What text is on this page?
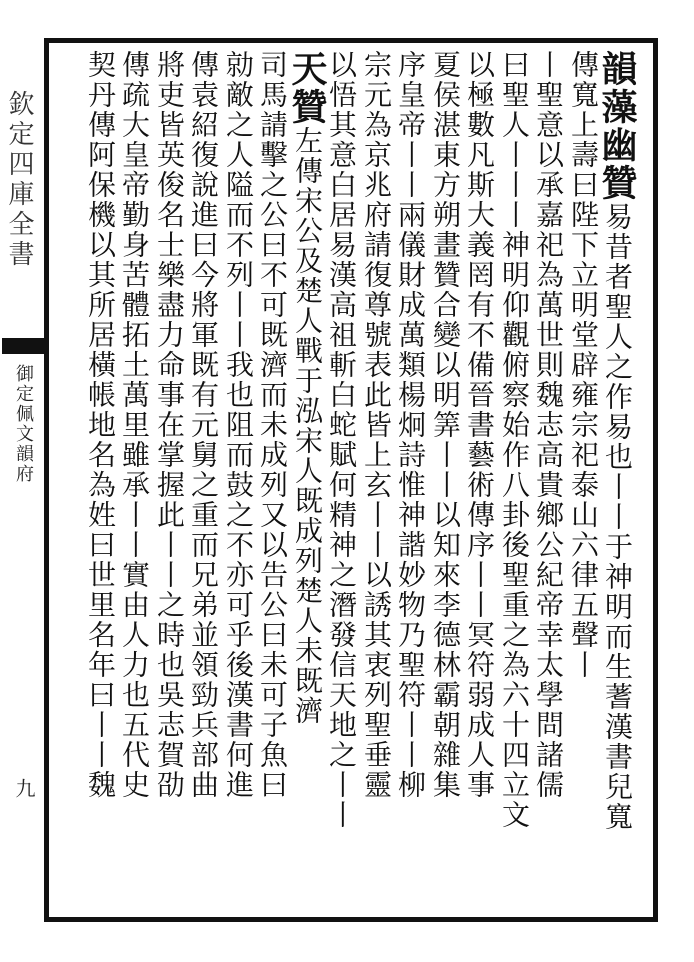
欽定四庫全書
御定佩文韻府
九
韻藻幽贊易昔者聖人之作易也丨丨于神明而生蓍漢書兒寬
傳寬上壽曰陛下立明堂辟雍宗祀泰山六律五聲丨
丨聖意以承嘉祀為萬世則魏志高貴鄉公紀帝幸太學問諸儒
曰聖人丨丨丨神明仰觀俯察始作八卦後聖重之為六十四立文
以極數凡斯大義罔有不備晉書藝術傳序丨丨冥符弱成人事
夏侯湛東方朔畫贊合變以明筭丨丨以知來李德林霸朝雜集
序皇帝丨丨兩儀財成萬類楊炯詩惟神諧妙物乃聖符丨丨柳
宗元為京兆府請復尊號表此皆上玄丨丨以誘其衷列聖垂靈
以悟其意白居易漢高祖斬白蛇賦何精神之潛發信天地之丨丨
天贊左傳宋公及楚人戰于泓宋人既成列楚人未既濟
司馬請擊之公曰不可既濟而未成列又以告公曰未可子魚曰
勍敵之人隘而不列丨丨我也阻而鼓之不亦可乎後漢書何進
傳袁紹復說進曰今將軍既有元舅之重而兄弟並領勁兵部曲
將吏皆英俊名士樂盡力命事在掌握此丨丨之時也吳志賀劭
傳疏大皇帝勤身苦體拓土萬里雖承丨丨實由人力也五代史
契丹傳阿保機以其所居橫帳地名為姓曰世里名年曰丨丨魏
